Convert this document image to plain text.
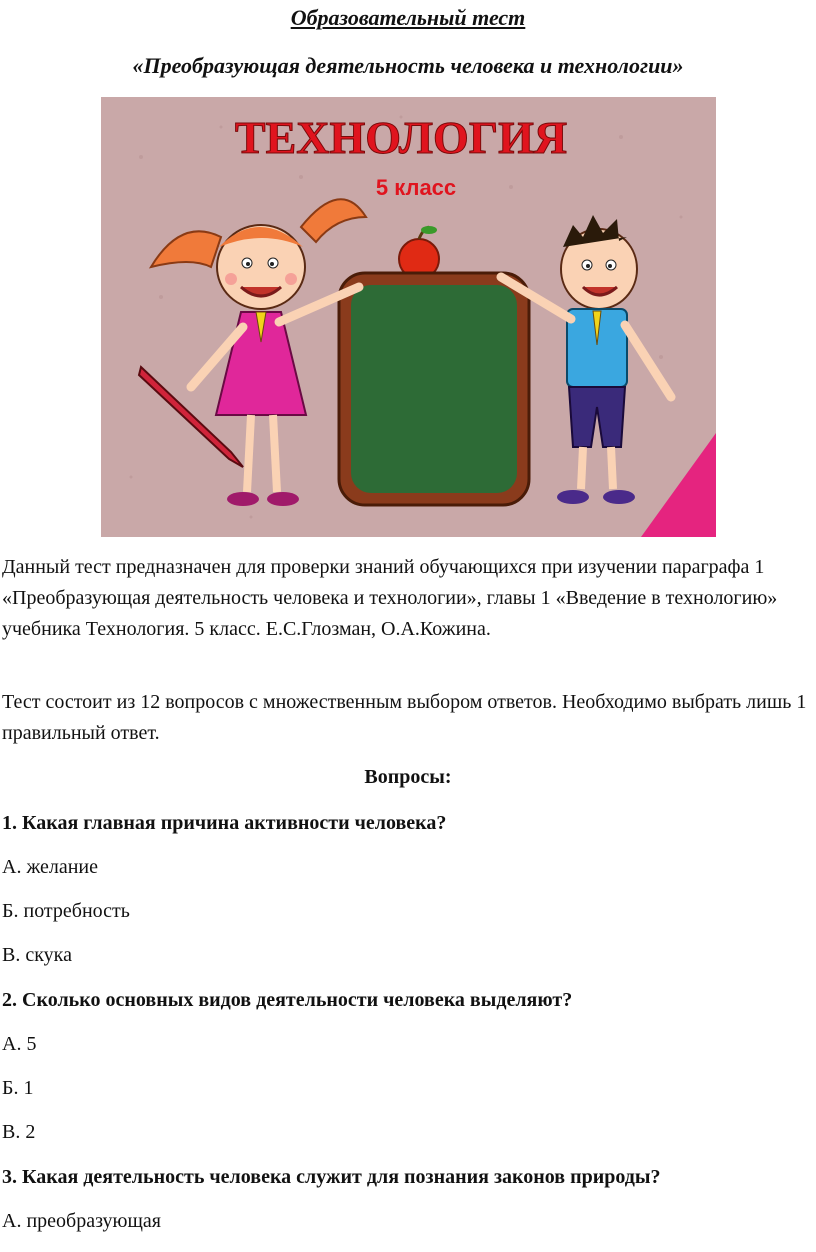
Образовательный тест
«Преобразующая деятельность человека и технологии»
ТЕХНОЛОГИЯ
5 класс

Данный тест предназначен для проверки знаний обучающихся при изучении параграфа 1 «Преобразующая деятельность человека и технологии», главы 1 «Введение в технологию» учебника Технология. 5 класс. Е.С.Глозман, О.А.Кожина.

Тест состоит из 12 вопросов с множественным выбором ответов. Необходимо выбрать лишь 1 правильный ответ.

Вопросы:
1. Какая главная причина активности человека?
А. желание
Б. потребность
В. скука
2. Сколько основных видов деятельности человека выделяют?
А. 5
Б. 1
В. 2
3. Какая деятельность человека служит для познания законов природы?
А. преобразующая
